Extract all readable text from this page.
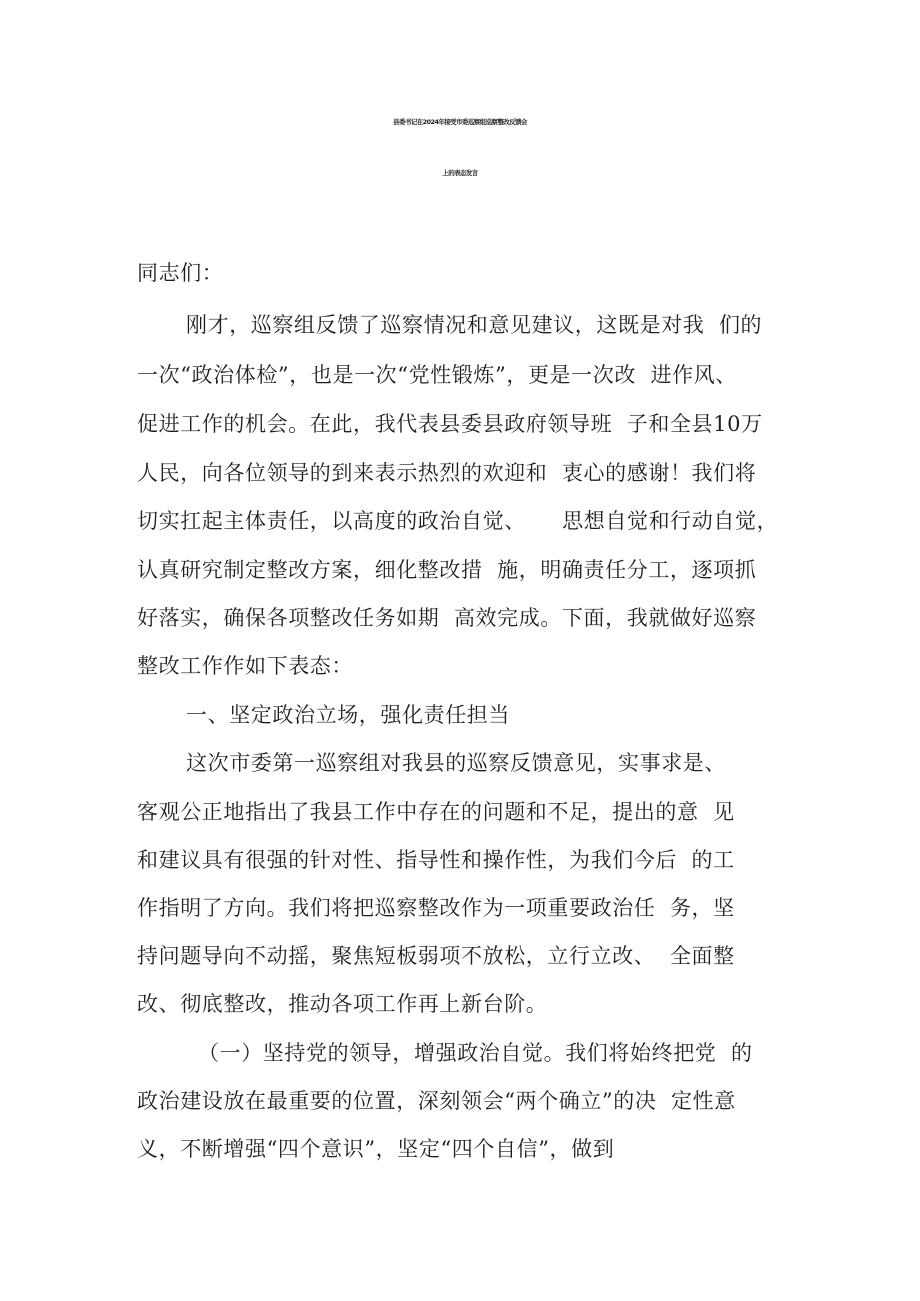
县委书记在2024年接受市委巡察组巡察整改反馈会
上的表态发言
同志们：
刚才，巡察组反馈了巡察情况和意见建议，这既是对我  们的
一次“政治体检”，也是一次“党性锻炼”，更是一次改  进作风、
促进工作的机会。在此，我代表县委县政府领导班  子和全县10万
人民，向各位领导的到来表示热烈的欢迎和  衷心的感谢！我们将
切实扛起主体责任，以高度的政治自觉、     思想自觉和行动自觉，
认真研究制定整改方案，细化整改措  施，明确责任分工，逐项抓
好落实，确保各项整改任务如期  高效完成。下面，我就做好巡察
整改工作作如下表态：
一、坚定政治立场，强化责任担当
这次市委第一巡察组对我县的巡察反馈意见，实事求是、
客观公正地指出了我县工作中存在的问题和不足，提出的意  见
和建议具有很强的针对性、指导性和操作性，为我们今后  的工
作指明了方向。我们将把巡察整改作为一项重要政治任  务，坚
持问题导向不动摇，聚焦短板弱项不放松，立行立改、  全面整
改、彻底整改，推动各项工作再上新台阶。
（一）坚持党的领导，增强政治自觉。我们将始终把党  的
政治建设放在最重要的位置，深刻领会“两个确立”的决  定性意
义，不断增强“四个意识”，坚定“四个自信”，做到
